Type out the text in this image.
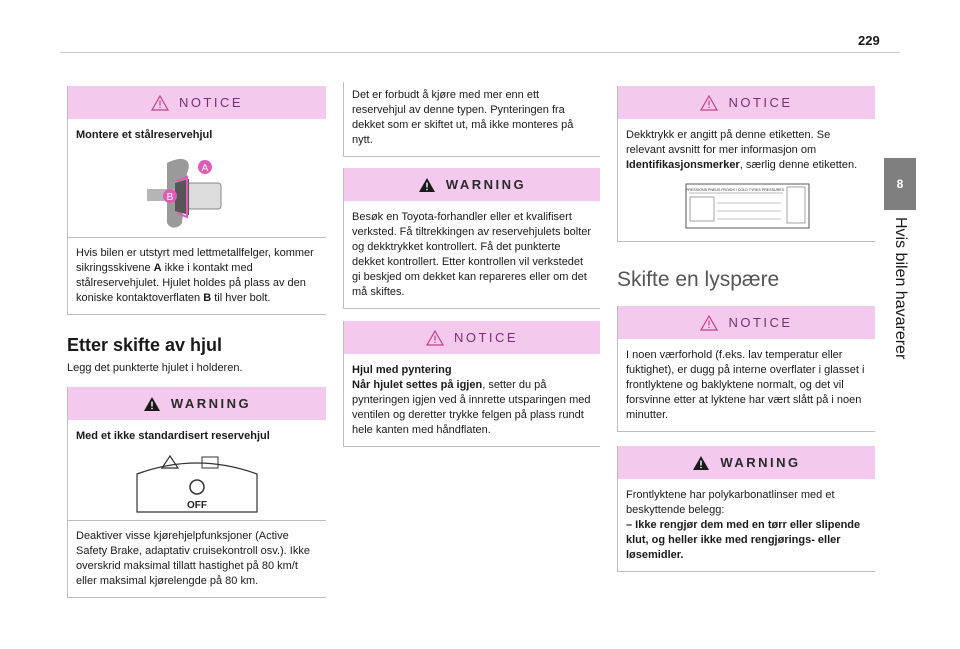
229
8
Hvis bilen havarerer
NOTICE

Montere et stålreservehjul

A
B

Hvis bilen er utstyrt med lettmetallfelger, kommer sikringsskivene A ikke i kontakt med stålreservehjulet. Hjulet holdes på plass av den koniske kontaktoverflaten B til hver bolt.

Etter skifte av hjul

Legg det punkterte hjulet i holderen.

WARNING

Med et ikke standardisert reservehjul

OFF

Deaktiver visse kjørehjelpfunksjoner (Active Safety Brake, adaptativ cruisekontroll osv.). Ikke overskrid maksimal tillatt hastighet på 80 km/t eller maksimal kjørelengde på 80 km.

Det er forbudt å kjøre med mer enn ett reservehjul av denne typen. Pynteringen fra dekket som er skiftet ut, må ikke monteres på nytt.

WARNING

Besøk en Toyota-forhandler eller et kvalifisert verksted. Få tiltrekkingen av reservehjulets bolter og dekktrykket kontrollert. Få det punkterte dekket kontrollert. Etter kontrollen vil verkstedet gi beskjed om dekket kan repareres eller om det må skiftes.

NOTICE

Hjul med pyntering

Når hjulet settes på igjen, setter du på pynteringen igjen ved å innrette utsparingen med ventilen og deretter trykke felgen på plass rundt hele kanten med håndflaten.

NOTICE

Dekktrykk er angitt på denne etiketten. Se relevant avsnitt for mer informasjon om Identifikasjonsmerker, særlig denne etiketten.

PRESSIONS PNEUS FROIDS / COLD TYRES PRESSURES
Skifte en lyspære
NOTICE

I noen værforhold (f.eks. lav temperatur eller fuktighet), er dugg på interne overflater i glasset i frontlyktene og baklyktene normalt, og det vil forsvinne etter at lyktene har vært slått på i noen minutter.

WARNING

Frontlyktene har polykarbonatlinser med et beskyttende belegg:

– Ikke rengjør dem med en tørr eller slipende klut, og heller ikke med rengjørings- eller løsemidler.
